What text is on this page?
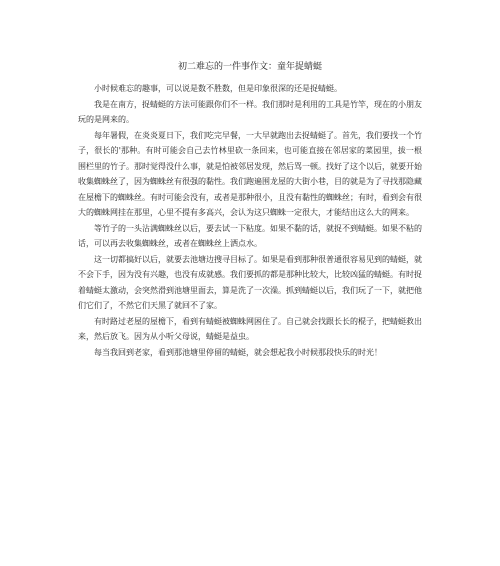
初二难忘的一件事作文：童年捉蜻蜓

小时候难忘的趣事，可以说是数不胜数，但是印象很深的还是捉蜻蜓。

我是在南方，捉蜻蜓的方法可能跟你们不一样。我们那时是利用的工具是竹竿，现在的小朋友玩的是网来的。

每年暑假，在炎炎夏日下，我们吃完早餐，一大早就跑出去捉蜻蜓了。首先，我们要找一个竹子，很长的'那种。有时可能会自己去竹林里砍一条回来，也可能直接在邻居家的菜园里，拔一根围栏里的竹子。那时觉得没什么事，就是怕被邻居发现，然后骂一顿。找好了这个以后，就要开始收集蜘蛛丝了，因为蜘蛛丝有很强的黏性。我们跑遍围龙屋的大街小巷，目的就是为了寻找那隐藏在屋檐下的蜘蛛丝。有时可能会没有，或者是那种很小，且没有黏性的蜘蛛丝；有时，看到会有很大的蜘蛛网挂在那里，心里不提有多高兴，会认为这只蜘蛛一定很大，才能结出这么大的网来。

等竹子的一头沾满蜘蛛丝以后，要去试一下粘度。如果不黏的话，就捉不到蜻蜓。如果不粘的话，可以再去收集蜘蛛丝，或者在蜘蛛丝上洒点水。

这一切都搞好以后，就要去池塘边搜寻目标了。如果是看到那种很普通很容易见到的蜻蜓，就不会下手，因为没有兴趣，也没有成就感。我们要抓的都是那种比较大，比较凶猛的蜻蜓。有时捉着蜻蜓太激动，会突然滑到池塘里面去，算是洗了一次澡。抓到蜻蜓以后，我们玩了一下，就把他们它们了，不然它们天黑了就回不了家。

有时路过老屋的屋檐下，看到有蜻蜓被蜘蛛网困住了。自己就会找跟长长的棍子，把蜻蜓救出来，然后放飞。因为从小听父母说，蜻蜓是益虫。

每当我回到老家，看到那池塘里停留的蜻蜓，就会想起我小时候那段快乐的时光！
